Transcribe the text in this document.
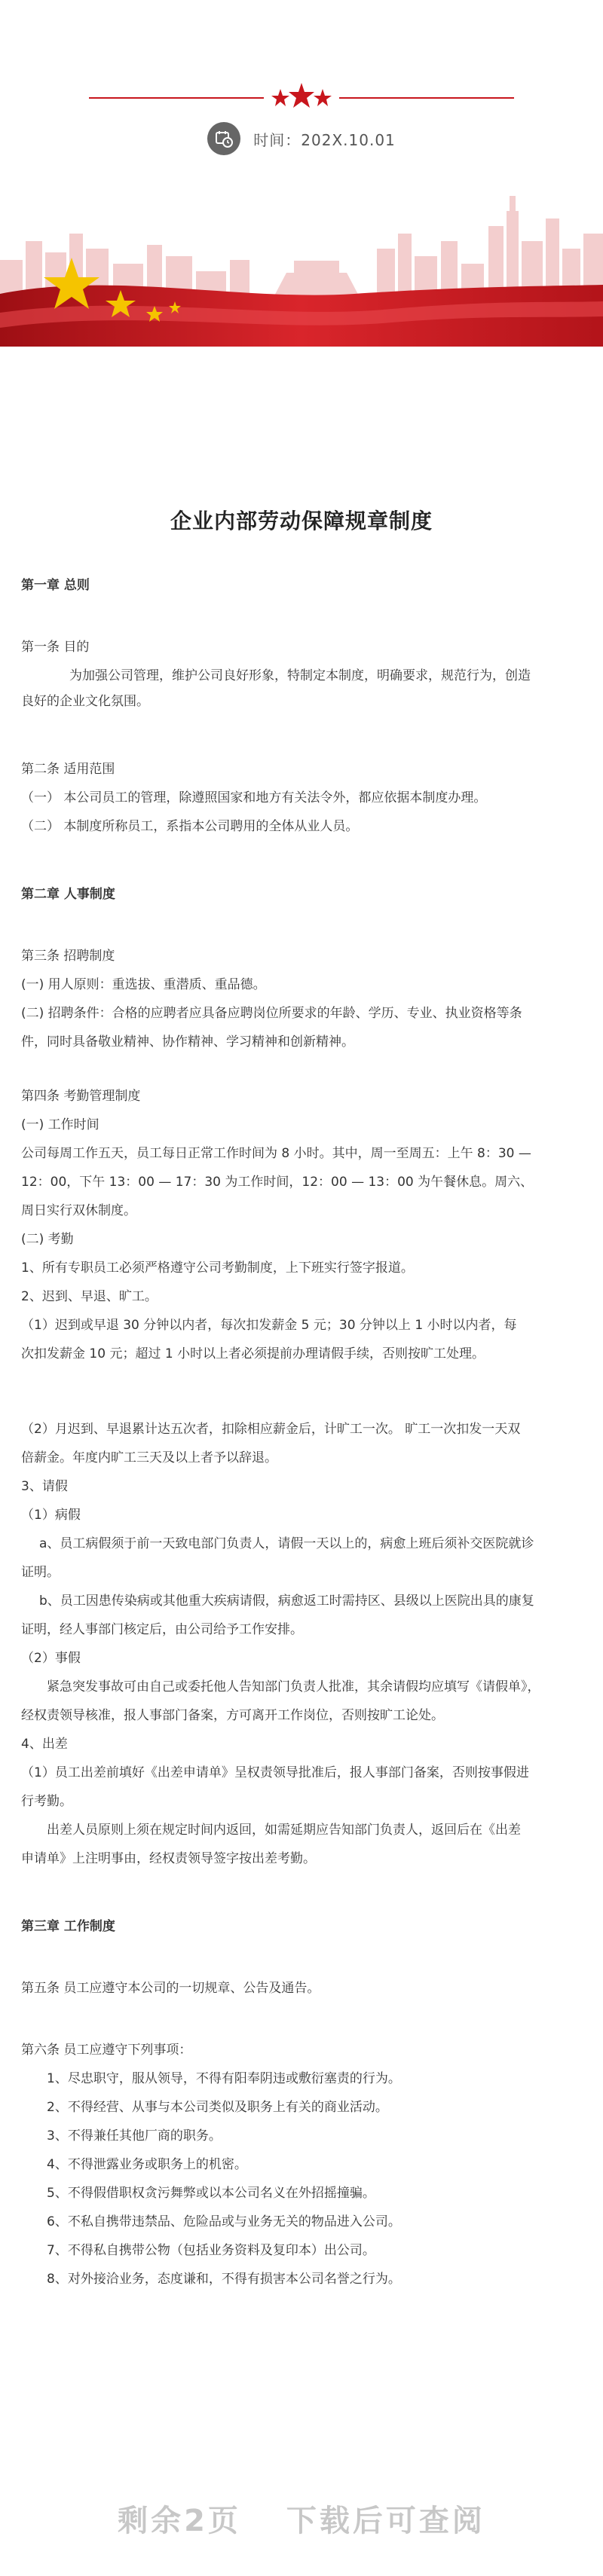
时间：202X.10.01
企业内部劳动保障规章制度
第一章 总则
第一条 目的
为加强公司管理，维护公司良好形象，特制定本制度，明确要求，规范行为，创造
良好的企业文化氛围。
第二条 适用范围
（一） 本公司员工的管理，除遵照国家和地方有关法令外，都应依据本制度办理。
（二） 本制度所称员工，系指本公司聘用的全体从业人员。
第二章 人事制度
第三条 招聘制度
(一) 用人原则：重选拔、重潜质、重品德。
(二) 招聘条件：合格的应聘者应具备应聘岗位所要求的年龄、学历、专业、执业资格等条
件，同时具备敬业精神、协作精神、学习精神和创新精神。
第四条 考勤管理制度
(一) 工作时间
公司每周工作五天，员工每日正常工作时间为 8 小时。其中，周一至周五：上午 8：30 —
12：00，下午 13：00 — 17：30 为工作时间，12：00 — 13：00 为午餐休息。周六、
周日实行双休制度。
(二) 考勤
1、所有专职员工必须严格遵守公司考勤制度，上下班实行签字报道。
2、迟到、早退、旷工。
（1）迟到或早退 30 分钟以内者，每次扣发薪金 5 元；30 分钟以上 1 小时以内者，每
次扣发薪金 10 元；超过 1 小时以上者必须提前办理请假手续，否则按旷工处理。
（2）月迟到、早退累计达五次者，扣除相应薪金后，计旷工一次。 旷工一次扣发一天双
倍薪金。年度内旷工三天及以上者予以辞退。
3、请假
（1）病假
a、员工病假须于前一天致电部门负责人，请假一天以上的，病愈上班后须补交医院就诊
证明。
b、员工因患传染病或其他重大疾病请假，病愈返工时需持区、县级以上医院出具的康复
证明，经人事部门核定后，由公司给予工作安排。
（2）事假
紧急突发事故可由自己或委托他人告知部门负责人批准，其余请假均应填写《请假单》，
经权责领导核准，报人事部门备案，方可离开工作岗位，否则按旷工论处。
4、出差
（1）员工出差前填好《出差申请单》呈权责领导批准后，报人事部门备案，否则按事假进
行考勤。
出差人员原则上须在规定时间内返回，如需延期应告知部门负责人，返回后在《出差
申请单》上注明事由，经权责领导签字按出差考勤。
第三章 工作制度
第五条 员工应遵守本公司的一切规章、公告及通告。
第六条 员工应遵守下列事项：
1、尽忠职守，服从领导，不得有阳奉阴违或敷衍塞责的行为。
2、不得经营、从事与本公司类似及职务上有关的商业活动。
3、不得兼任其他厂商的职务。
4、不得泄露业务或职务上的机密。
5、不得假借职权贪污舞弊或以本公司名义在外招摇撞骗。
6、不私自携带违禁品、危险品或与业务无关的物品进入公司。
7、不得私自携带公物（包括业务资料及复印本）出公司。
8、对外接洽业务，态度谦和，不得有损害本公司名誉之行为。
剩余2页 下载后可查阅
